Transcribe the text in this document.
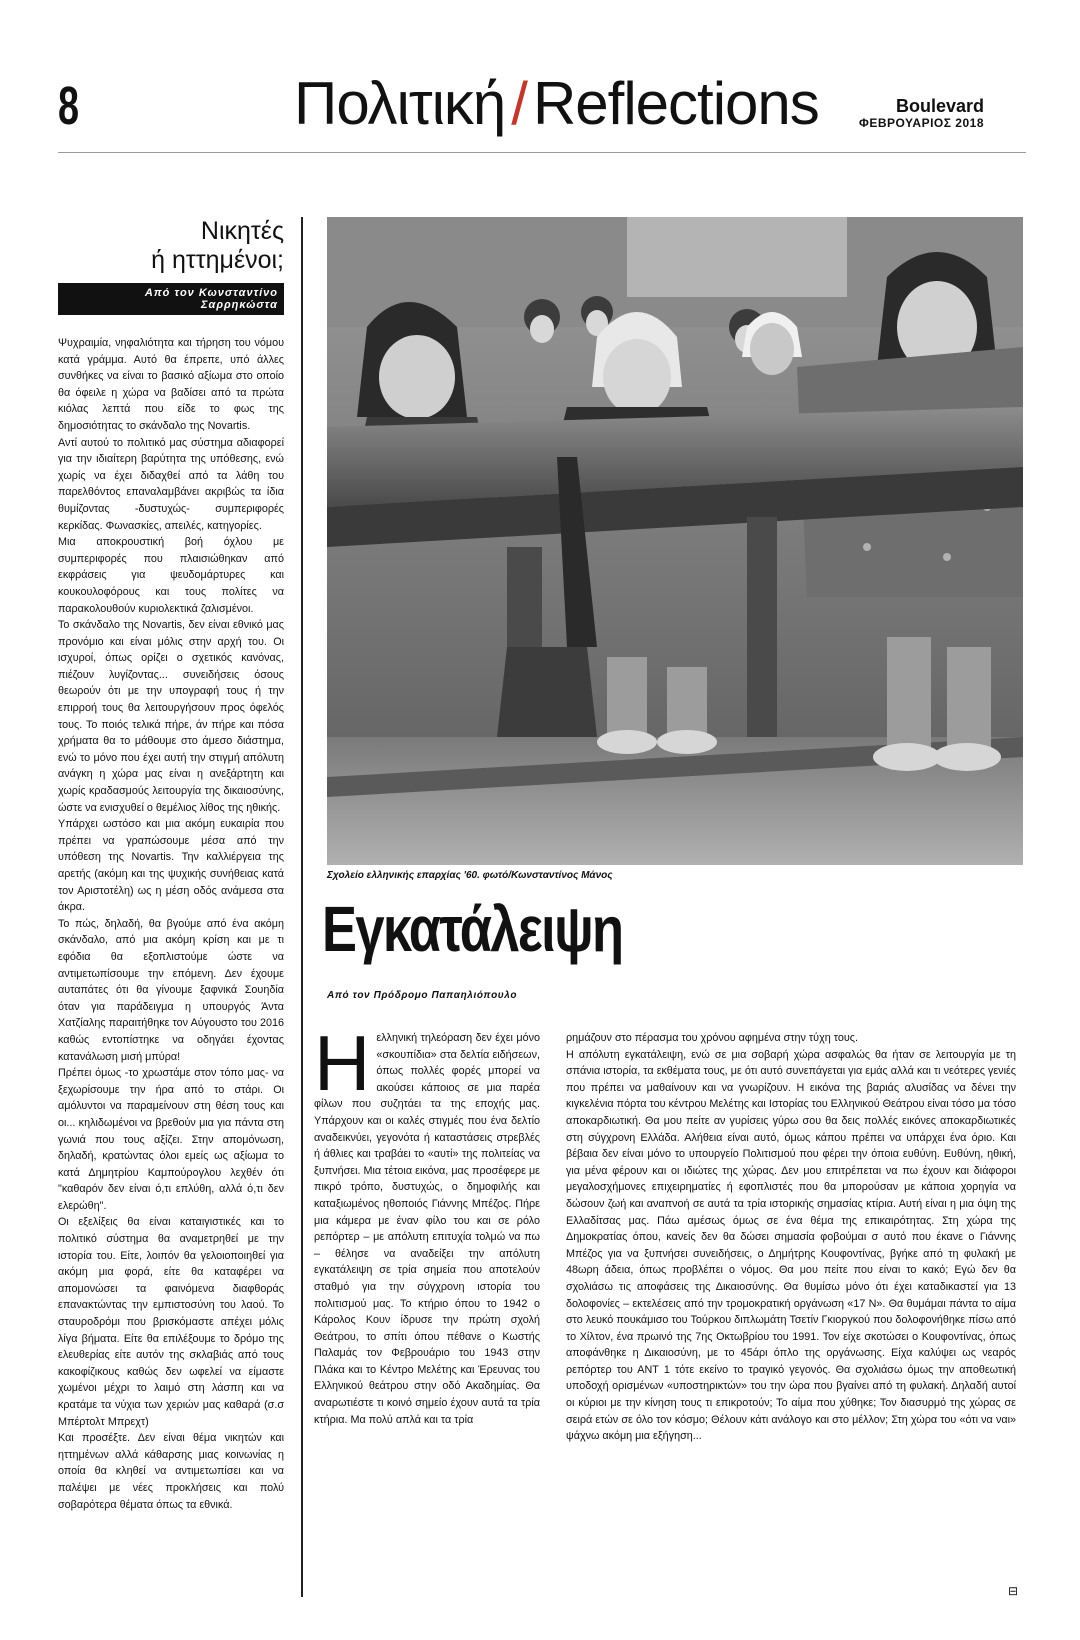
8	Πολιτική / Reflections	Boulevard
ΦΕΒΡΟΥΑΡΙΟΣ 2018
Νικητές
ή ηττημένοι;
Από τον Κωνσταντίνο Σαρρηκώστα

Ψυχραιμία, νηφαλιότητα και τήρηση του νόμου κατά γράμμα. Αυτό θα έπρεπε, υπό άλλες συνθήκες να είναι το βασικό αξίωμα στο οποίο θα όφειλε η χώρα να βαδίσει από τα πρώτα κιόλας λεπτά που είδε το φως της δημοσιότητας το σκάνδαλο της Novartis.

Αντί αυτού το πολιτικό μας σύστημα αδιαφορεί για την ιδιαίτερη βαρύτητα της υπόθεσης, ενώ χωρίς να έχει διδαχθεί από τα λάθη του παρελθόντος επαναλαμβάνει ακριβώς τα ίδια θυμίζοντας -δυστυχώς- συμπεριφορές κερκίδας. Φωνασκίες, απειλές, κατηγορίες.

Μια αποκρουστική βοή όχλου με συμπεριφορές που πλαισιώθηκαν από εκφράσεις για ψευδομάρτυρες και κουκουλοφόρους και τους πολίτες να παρακολουθούν κυριολεκτικά ζαλισμένοι.

Το σκάνδαλο της Novartis, δεν είναι εθνικό μας προνόμιο και είναι μόλις στην αρχή του. Οι ισχυροί, όπως ορίζει ο σχετικός κανόνας, πιέζουν λυγίζοντας... συνειδήσεις όσους θεωρούν ότι με την υπογραφή τους ή την επιρροή τους θα λειτουργήσουν προς όφελός τους. Το ποιός τελικά πήρε, άν πήρε και πόσα χρήματα θα το μάθουμε στο άμεσο διάστημα, ενώ το μόνο που έχει αυτή την στιγμή απόλυτη ανάγκη η χώρα μας είναι η ανεξάρτητη και χωρίς κραδασμούς λειτουργία της δικαιοσύνης, ώστε να ενισχυθεί ο θεμέλιος λίθος της ηθικής.

Υπάρχει ωστόσο και μια ακόμη ευκαιρία που πρέπει να γραπώσουμε μέσα από την υπόθεση της Novartis. Την καλλιέργεια της αρετής (ακόμη και της ψυχικής συνήθειας κατά τον Αριστοτέλη) ως η μέση οδός ανάμεσα στα άκρα.

Το πώς, δηλαδή, θα βγούμε από ένα ακόμη σκάνδαλο, από μια ακόμη κρίση και με τι εφόδια θα εξοπλιστούμε ώστε να αντιμετωπίσουμε την επόμενη. Δεν έχουμε αυταπάτες ότι θα γίνουμε ξαφνικά Σουηδία όταν για παράδειγμα η υπουργός Άντα Χατζίαλης παραιτήθηκε τον Αύγουστο του 2016 καθώς εντοπίστηκε να οδηγάει έχοντας κατανάλωση μισή μπύρα!

Πρέπει όμως -το χρωστάμε στον τόπο μας- να ξεχωρίσουμε την ήρα από το στάρι. Οι αμόλυντοι να παραμείνουν στη θέση τους και οι... κηλιδωμένοι να βρεθούν μια για πάντα στη γωνιά που τους αξίζει. Στην απομόνωση, δηλαδή, κρατώντας όλοι εμείς ως αξίωμα το κατά Δημητρίου Καμπούρογλου λεχθέν ότι "καθαρόν δεν είναι ό,τι επλύθη, αλλά ό,τι δεν ελερώθη".

Οι εξελίξεις θα είναι καταιγιστικές και το πολιτικό σύστημα θα αναμετρηθεί με την ιστορία του. Είτε, λοιπόν θα γελοιοποιηθεί για ακόμη μια φορά, είτε θα καταφέρει να απομονώσει τα φαινόμενα διαφθοράς επανακτώντας την εμπιστοσύνη του λαού. Το σταυροδρόμι που βρισκόμαστε απέχει μόλις λίγα βήματα. Είτε θα επιλέξουμε το δρόμο της ελευθερίας είτε αυτόν της σκλαβιάς από τους κακοφίζικους καθώς δεν ωφελεί να είμαστε χωμένοι μέχρι το λαιμό στη λάσπη και να κρατάμε τα νύχια των χεριών μας καθαρά (σ.σ Μπέρτολτ Μπρεχτ)

Και προσέξτε. Δεν είναι θέμα νικητών και ηττημένων αλλά κάθαρσης μιας κοινωνίας η οποία θα κληθεί να αντιμετωπίσει και να παλέψει με νέες προκλήσεις και πολύ σοβαρότερα θέματα όπως τα εθνικά.

Σχολείο ελληνικής επαρχίας '60. φωτό/Κωνσταντίνος Μάνος
Εγκατάλειψη
Από τον Πρόδρομο Παπαηλιόπουλο
Η ελληνική τηλεόραση δεν έχει μόνο «σκουπίδια» στα δελτία ειδήσεων, όπως πολλές φορές μπορεί να ακούσει κάποιος σε μια παρέα φίλων που συζητάει τα της εποχής μας. Υπάρχουν και οι καλές στιγμές που ένα δελτίο αναδεικνύει, γεγονότα ή καταστάσεις στρεβλές ή άθλιες και τραβάει το «αυτί» της πολιτείας να ξυπνήσει. Μια τέτοια εικόνα, μας προσέφερε με πικρό τρόπο, δυστυχώς, ο δημοφιλής και καταξιωμένος ηθοποιός Γιάννης Μπέζος. Πήρε μια κάμερα με έναν φίλο του και σε ρόλο ρεπόρτερ – με απόλυτη επιτυχία τολμώ να πω – θέλησε να αναδείξει την απόλυτη εγκατάλειψη σε τρία σημεία που αποτελούν σταθμό για την σύγχρονη ιστορία του πολιτισμού μας. Το κτήριο όπου το 1942 ο Κάρολος Κουν ίδρυσε την πρώτη σχολή Θεάτρου, το σπίτι όπου πέθανε ο Κωστής Παλαμάς τον Φεβρουάριο του 1943 στην Πλάκα και το Κέντρο Μελέτης και Έρευνας του Ελληνικού θεάτρου στην οδό Ακαδημίας. Θα αναρωτιέστε τι κοινό σημείο έχουν αυτά τα τρία κτήρια. Μα πολύ απλά και τα τρία

ρημάζουν στο πέρασμα του χρόνου αφημένα στην τύχη τους.

Η απόλυτη εγκατάλειψη, ενώ σε μια σοβαρή χώρα ασφαλώς θα ήταν σε λειτουργία με τη σπάνια ιστορία, τα εκθέματα τους, με ότι αυτό συνεπάγεται για εμάς αλλά και τι νεότερες γενιές που πρέπει να μαθαίνουν και να γνωρίζουν. Η εικόνα της βαριάς αλυσίδας να δένει την κιγκελένια πόρτα του κέντρου Μελέτης και Ιστορίας του Ελληνικού Θεάτρου είναι τόσο μα τόσο αποκαρδιωτική. Θα μου πείτε αν γυρίσεις γύρω σου θα δεις πολλές εικόνες αποκαρδιωτικές στη σύγχρονη Ελλάδα. Αλήθεια είναι αυτό, όμως κάπου πρέπει να υπάρχει ένα όριο. Και βέβαια δεν είναι μόνο το υπουργείο Πολιτισμού που φέρει την όποια ευθύνη. Ευθύνη, ηθική, για μένα φέρουν και οι ιδιώτες της χώρας. Δεν μου επιτρέπεται να πω έχουν και διάφοροι μεγαλοσχήμονες επιχειρηματίες ή εφοπλιστές που θα μπορούσαν με κάποια χορηγία να δώσουν ζωή και αναπνοή σε αυτά τα τρία ιστορικής σημασίας κτίρια. Αυτή είναι η μια όψη της Ελλαδίτσας μας. Πάω αμέσως όμως σε ένα θέμα της επικαιρότητας. Στη χώρα της Δημοκρατίας όπου, κανείς δεν θα δώσει σημασία φοβούμαι σ αυτό που έκανε ο Γιάννης Μπέζος για να ξυπνήσει συνειδήσεις, ο Δημήτρης Κουφοντίνας, βγήκε από τη φυλακή με 48ωρη άδεια, όπως προβλέπει ο νόμος. Θα μου πείτε που είναι το κακό; Εγώ δεν θα σχολιάσω τις αποφάσεις της Δικαιοσύνης. Θα θυμίσω μόνο ότι έχει καταδικαστεί για 13 δολοφονίες – εκτελέσεις από την τρομοκρατική οργάνωση «17 Ν». Θα θυμάμαι πάντα το αίμα στο λευκό πουκάμισο του Τούρκου διπλωμάτη Τσετίν Γκιοργκού που δολοφονήθηκε πίσω από το Χίλτον, ένα πρωινό της 7ης Οκτωβρίου του 1991. Τον είχε σκοτώσει ο Κουφοντίνας, όπως αποφάνθηκε η Δικαιοσύνη, με το 45άρι όπλο της οργάνωσης. Είχα καλύψει ως νεαρός ρεπόρτερ του ΑΝΤ 1 τότε εκείνο το τραγικό γεγονός. Θα σχολιάσω όμως την αποθεωτική υποδοχή ορισμένων «υποστηρικτών» του την ώρα που βγαίνει από τη φυλακή. Δηλαδή αυτοί οι κύριοι με την κίνηση τους τι επικροτούν; Το αίμα που χύθηκε; Τον διασυρμό της χώρας σε σειρά ετών σε όλο τον κόσμο; Θέλουν κάτι ανάλογο και στο μέλλον; Στη χώρα του «ότι να ναι» ψάχνω ακόμη μια εξήγηση...

⊟
